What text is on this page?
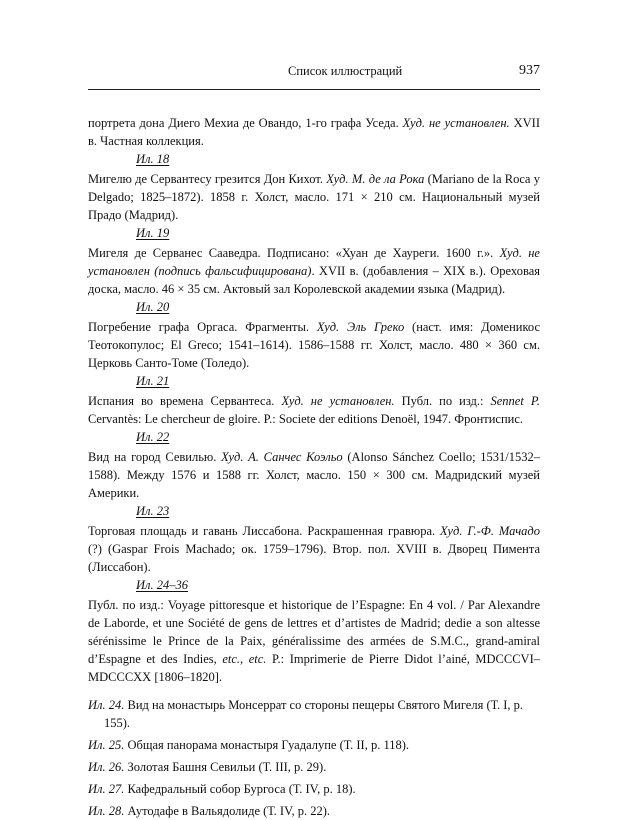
Список иллюстраций	937

портрета дона Диего Мехиа де Овандо, 1-го графа Уседа. Худ. не установлен. XVII в. Частная коллекция.

Ил. 18

Мигелю де Сервантесу грезится Дон Кихот. Худ. М. де ла Рока (Mariano de la Roca y Delgado; 1825–1872). 1858 г. Холст, масло. 171 × 210 см. Национальный музей Прадо (Мадрид).

Ил. 19

Мигеля де Серванес Сааведра. Подписано: «Хуан де Хауреги. 1600 г.». Худ. не установлен (подпись фальсифицирована). XVII в. (добавления – XIX в.). Ореховая доска, масло. 46 × 35 см. Актовый зал Королевской академии языка (Мадрид).

Ил. 20

Погребение графа Оргаса. Фрагменты. Худ. Эль Греко (наст. имя: Доменикос Теотокопулос; El Greco; 1541–1614). 1586–1588 гг. Холст, масло. 480 × 360 см. Церковь Санто-Томе (Толедо).

Ил. 21

Испания во времена Сервантеса. Худ. не установлен. Публ. по изд.: Sennet P. Cervantès: Le chercheur de gloire. P.: Societe der editions Denoël, 1947. Фронтиспис.

Ил. 22

Вид на город Севилью. Худ. А. Санчес Коэльо (Alonso Sánchez Coello; 1531/1532–1588). Между 1576 и 1588 гг. Холст, масло. 150 × 300 см. Мадридский музей Америки.

Ил. 23

Торговая площадь и гавань Лиссабона. Раскрашенная гравюра. Худ. Г.-Ф. Мачадо (?) (Gaspar Frois Machado; ок. 1759–1796). Втор. пол. XVIII в. Дворец Пимента (Лиссабон).

Ил. 24–36

Публ. по изд.: Voyage pittoresque et historique de l’Espagne: En 4 vol. / Par Alexandre de Laborde, et une Société de gens de lettres et d’artistes de Madrid; dedie a son altesse sérénissime le Prince de la Paix, généralissime des armées de S.M.C., grand-amiral d’Espagne et des Indies, etc., etc. P.: Imprimerie de Pierre Didot l’ainé, MDCCCVI–MDCCCXX [1806–1820].

Ил. 24. Вид на монастырь Монсеррат со стороны пещеры Святого Мигеля (Т. I, p. 155).

Ил. 25. Общая панорама монастыря Гуадалупе (Т. II, p. 118).

Ил. 26. Золотая Башня Севильи (Т. III, p. 29).

Ил. 27. Кафедральный собор Бургоса (Т. IV, p. 18).

Ил. 28. Аутодафе в Вальядолиде (Т. IV, p. 22).
